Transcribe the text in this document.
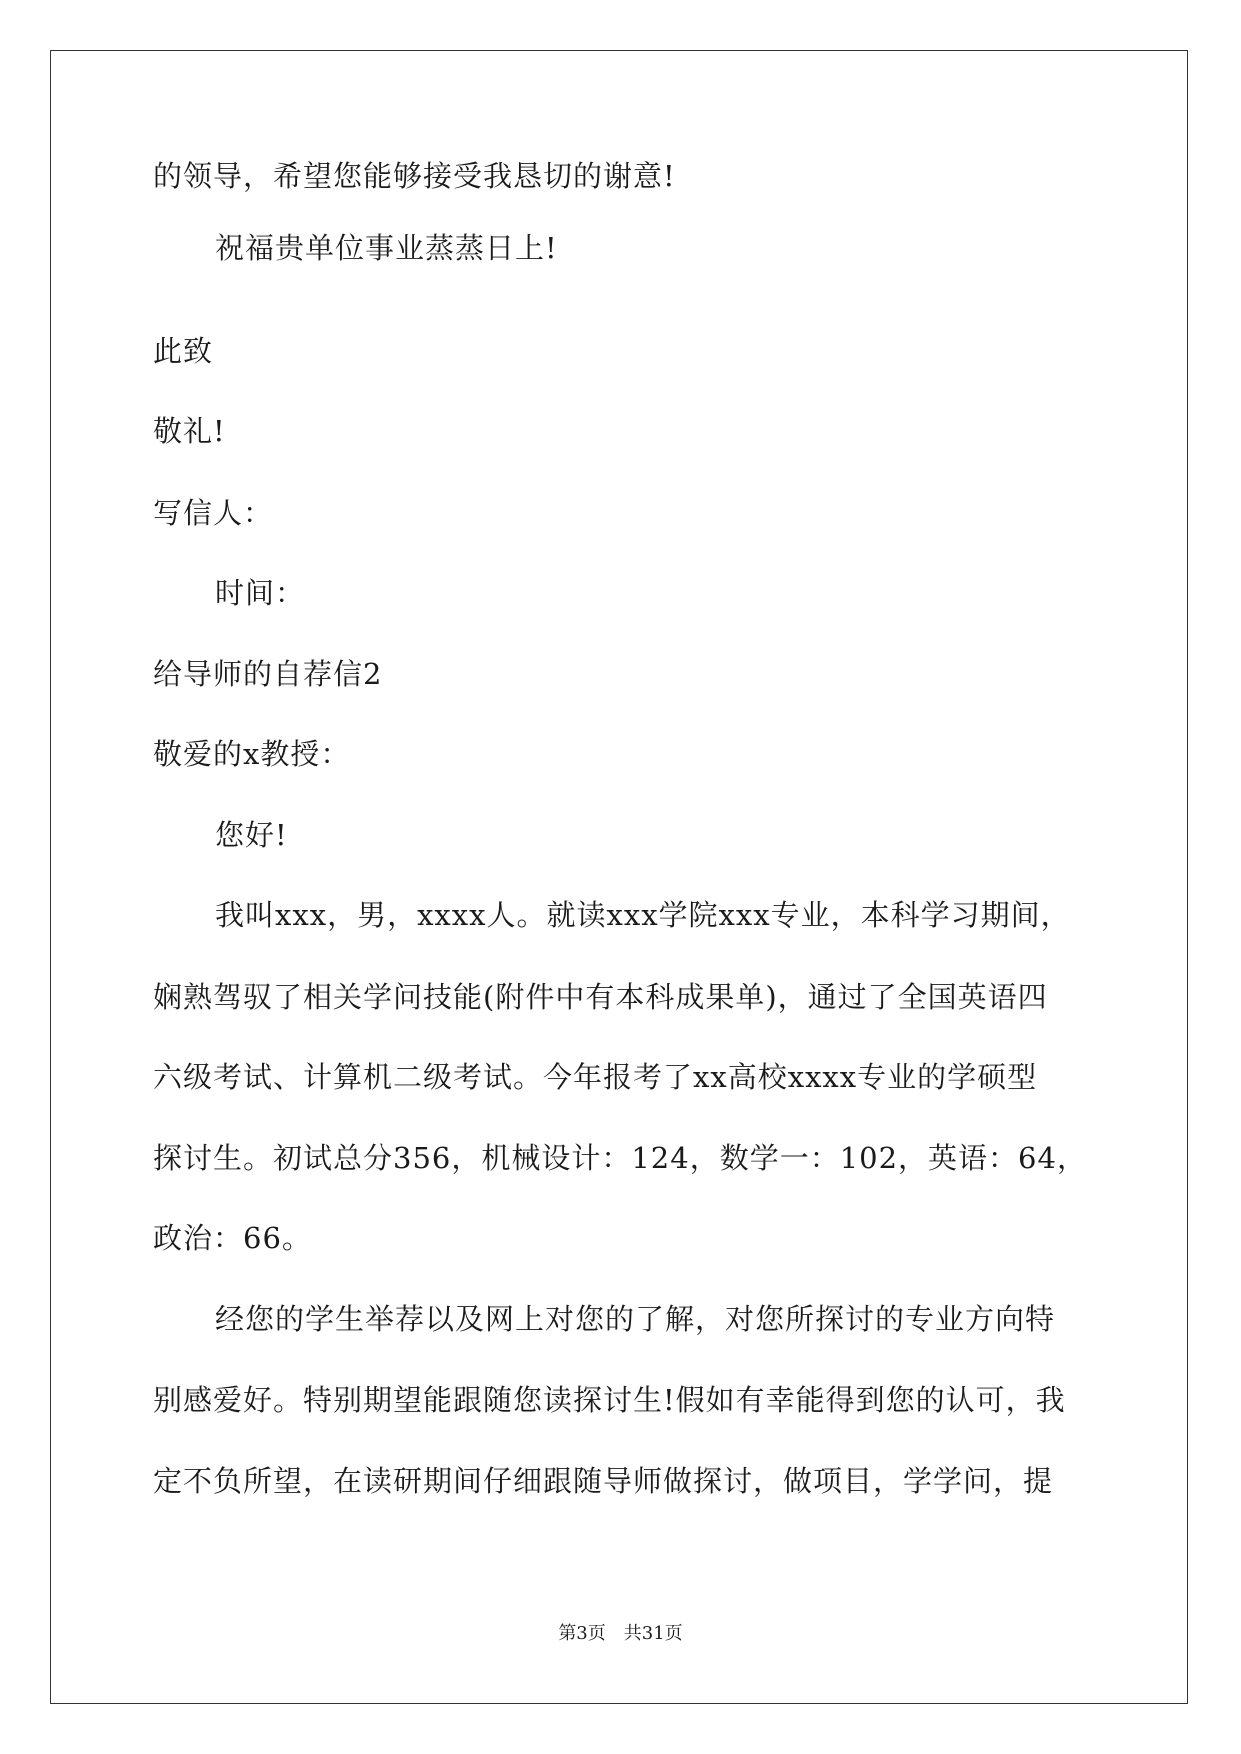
的领导，希望您能够接受我恳切的谢意!
祝福贵单位事业蒸蒸日上!
此致
敬礼!
写信人：
时间：
给导师的自荐信2
敬爱的x教授：
您好!
我叫xxx，男，xxxx人。就读xxx学院xxx专业，本科学习期间，
娴熟驾驭了相关学问技能(附件中有本科成果单)，通过了全国英语四
六级考试、计算机二级考试。今年报考了xx高校xxxx专业的学硕型
探讨生。初试总分356，机械设计：124，数学一：102，英语：64，
政治：66。
经您的学生举荐以及网上对您的了解，对您所探讨的专业方向特
别感爱好。特别期望能跟随您读探讨生!假如有幸能得到您的认可，我
定不负所望，在读研期间仔细跟随导师做探讨，做项目，学学问，提
第3页　共31页
